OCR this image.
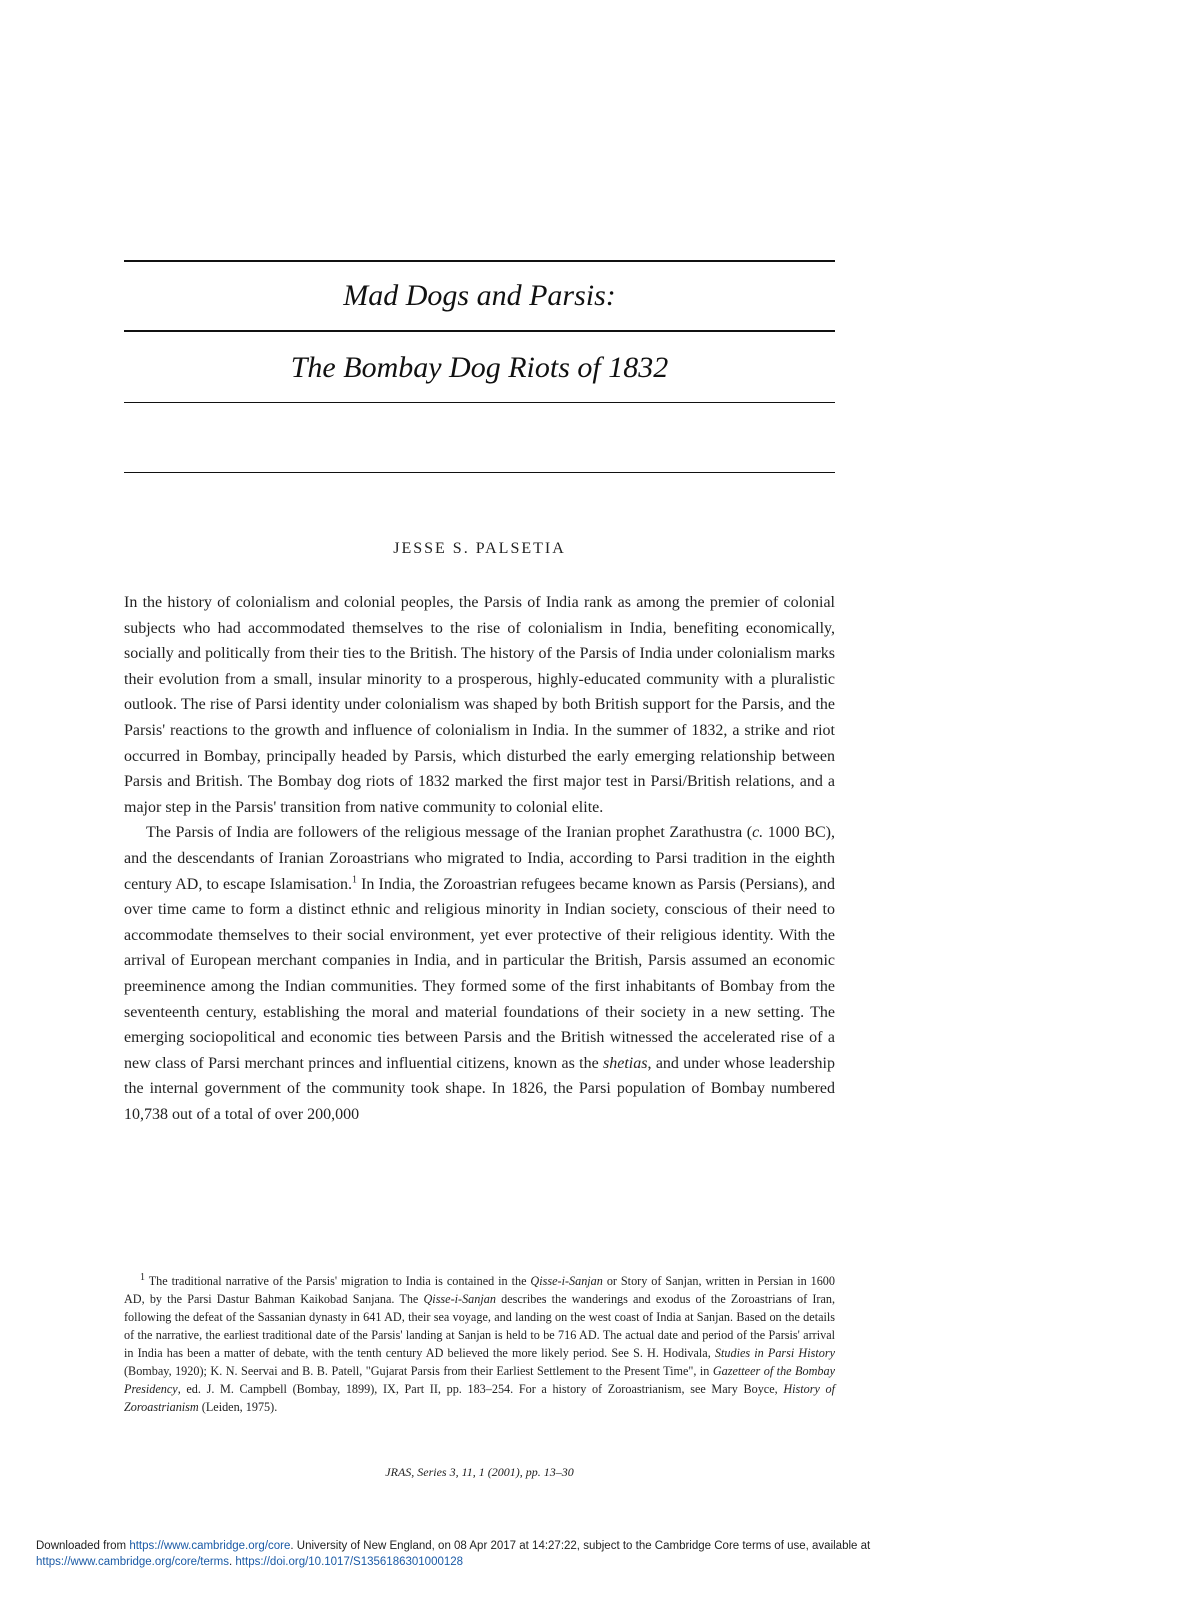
Mad Dogs and Parsis:
The Bombay Dog Riots of 1832
JESSE S. PALSETIA

In the history of colonialism and colonial peoples, the Parsis of India rank as among the premier of colonial subjects who had accommodated themselves to the rise of colonialism in India, benefiting economically, socially and politically from their ties to the British. The history of the Parsis of India under colonialism marks their evolution from a small, insular minority to a prosperous, highly-educated community with a pluralistic outlook. The rise of Parsi identity under colonialism was shaped by both British support for the Parsis, and the Parsis' reactions to the growth and influence of colonialism in India. In the summer of 1832, a strike and riot occurred in Bombay, principally headed by Parsis, which disturbed the early emerging relationship between Parsis and British. The Bombay dog riots of 1832 marked the first major test in Parsi/British relations, and a major step in the Parsis' transition from native community to colonial elite.

The Parsis of India are followers of the religious message of the Iranian prophet Zarathustra (c. 1000 BC), and the descendants of Iranian Zoroastrians who migrated to India, according to Parsi tradition in the eighth century AD, to escape Islamisation.$^1$ In India, the Zoroastrian refugees became known as Parsis (Persians), and over time came to form a distinct ethnic and religious minority in Indian society, conscious of their need to accommodate themselves to their social environment, yet ever protective of their religious identity. With the arrival of European merchant companies in India, and in particular the British, Parsis assumed an economic preeminence among the Indian communities. They formed some of the first inhabitants of Bombay from the seventeenth century, establishing the moral and material foundations of their society in a new setting. The emerging sociopolitical and economic ties between Parsis and the British witnessed the accelerated rise of a new class of Parsi merchant princes and influential citizens, known as the shetias, and under whose leadership the internal government of the community took shape. In 1826, the Parsi population of Bombay numbered 10,738 out of a total of over 200,000

$^1$ The traditional narrative of the Parsis' migration to India is contained in the Qisse-i-Sanjan or Story of Sanjan, written in Persian in 1600 AD, by the Parsi Dastur Bahman Kaikobad Sanjana. The Qisse-i-Sanjan describes the wanderings and exodus of the Zoroastrians of Iran, following the defeat of the Sassanian dynasty in 641 AD, their sea voyage, and landing on the west coast of India at Sanjan. Based on the details of the narrative, the earliest traditional date of the Parsis' landing at Sanjan is held to be 716 AD. The actual date and period of the Parsis' arrival in India has been a matter of debate, with the tenth century AD believed the more likely period. See S. H. Hodivala, Studies in Parsi History (Bombay, 1920); K. N. Seervai and B. B. Patell, "Gujarat Parsis from their Earliest Settlement to the Present Time", in Gazetteer of the Bombay Presidency, ed. J. M. Campbell (Bombay, 1899), IX, Part II, pp. 183–254. For a history of Zoroastrianism, see Mary Boyce, History of Zoroastrianism (Leiden, 1975).
JRAS, Series 3, 11, 1 (2001), pp. 13–30
Downloaded from https://www.cambridge.org/core. University of New England, on 08 Apr 2017 at 14:27:22, subject to the Cambridge Core terms of use, available at
https://www.cambridge.org/core/terms. https://doi.org/10.1017/S1356186301000128
